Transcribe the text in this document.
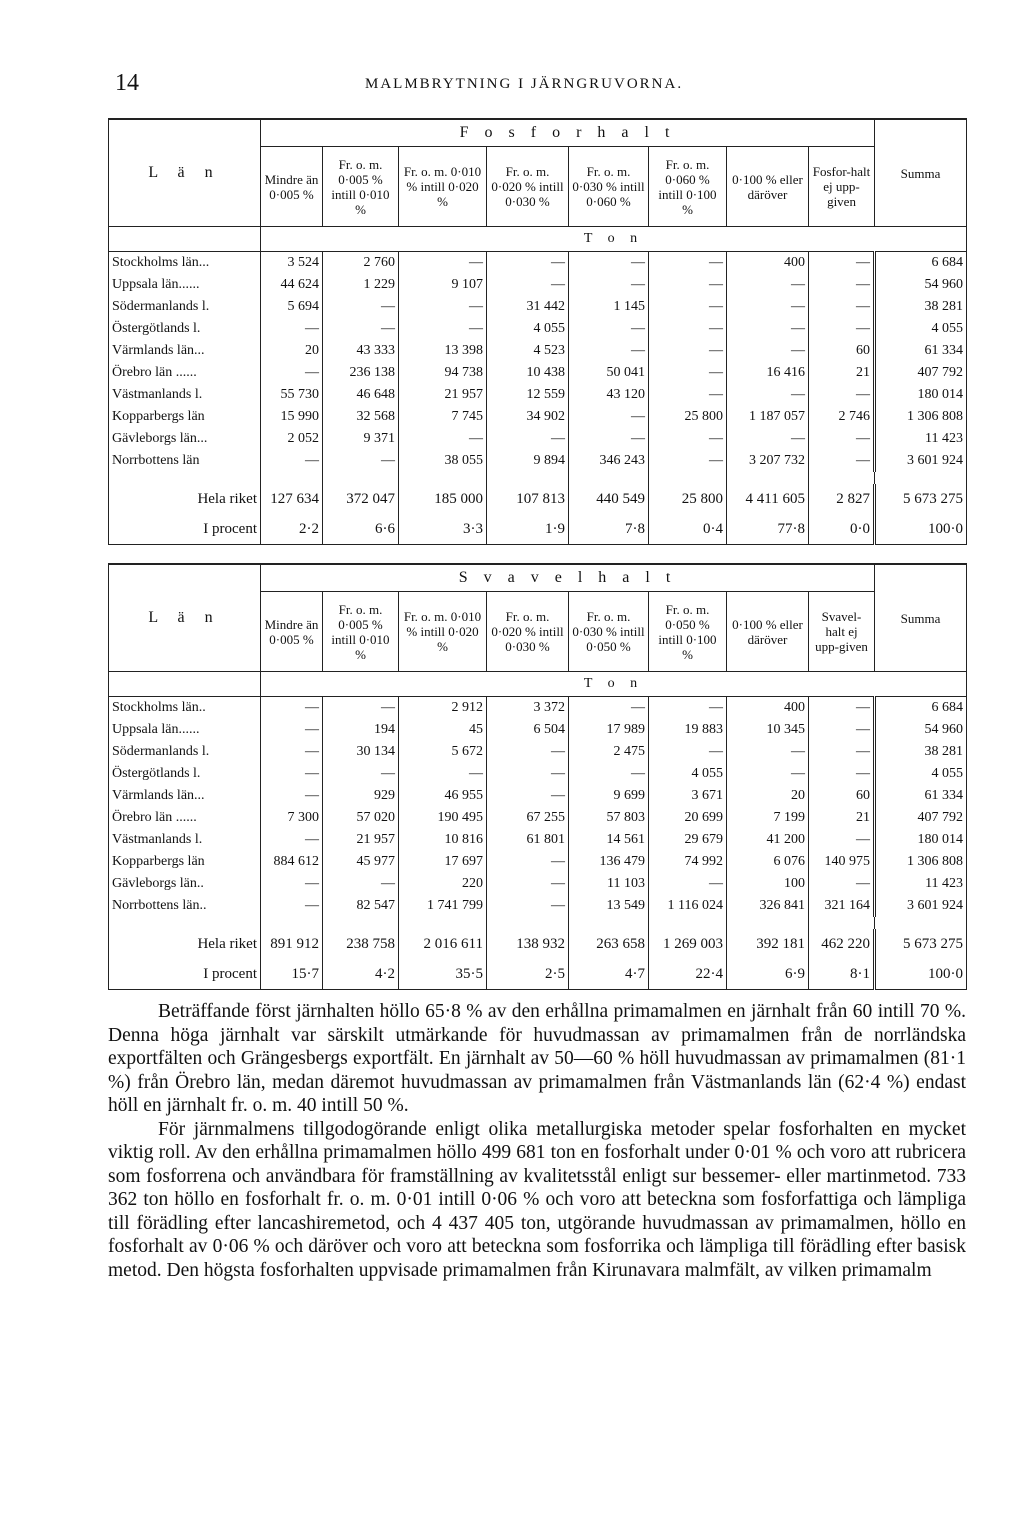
14	MALMBRYTNING I JÄRNGRUVORNA.
L ä n	F o s f o r h a l t								Summa
	Mindre än 0·005 %	Fr. o. m. 0·005 % intill 0·010 %	Fr. o. m. 0·010 % intill 0·020 %	Fr. o. m. 0·020 % intill 0·030 %	Fr. o. m. 0·030 % intill 0·060 %	Fr. o. m. 0·060 % intill 0·100 %	0·100 % eller däröver	Fosfor-halt ej upp-given	
	T o n								
Stockholms län...	3 524	2 760	—	—	—	—	400	—	6 684
Uppsala län......	44 624	1 229	9 107	—	—	—	—	—	54 960
Södermanlands l.	5 694	—	—	31 442	1 145	—	—	—	38 281
Östergötlands l.	—	—	—	4 055	—	—	—	—	4 055
Värmlands län...	20	43 333	13 398	4 523	—	—	—	60	61 334
Örebro län ......	—	236 138	94 738	10 438	50 041	—	16 416	21	407 792
Västmanlands l.	55 730	46 648	21 957	12 559	43 120	—	—	—	180 014
Kopparbergs län	15 990	32 568	7 745	34 902	—	25 800	1 187 057	2 746	1 306 808
Gävleborgs län...	2 052	9 371	—	—	—	—	—	—	11 423
Norrbottens län	—	—	38 055	9 894	346 243	—	3 207 732	—	3 601 924

Hela riket	127 634	372 047	185 000	107 813	440 549	25 800	4 411 605	2 827	5 673 275
I procent	2·2	6·6	3·3	1·9	7·8	0·4	77·8	0·0	100·0
L ä n	S v a v e l h a l t								Summa
	Mindre än 0·005 %	Fr. o. m. 0·005 % intill 0·010 %	Fr. o. m. 0·010 % intill 0·020 %	Fr. o. m. 0·020 % intill 0·030 %	Fr. o. m. 0·030 % intill 0·050 %	Fr. o. m. 0·050 % intill 0·100 %	0·100 % eller däröver	Svavel-halt ej upp-given	
	T o n								
Stockholms län..	—	—	2 912	3 372	—	—	400	—	6 684
Uppsala län......	—	194	45	6 504	17 989	19 883	10 345	—	54 960
Södermanlands l.	—	30 134	5 672	—	2 475	—	—	—	38 281
Östergötlands l.	—	—	—	—	—	4 055	—	—	4 055
Värmlands län...	—	929	46 955	—	9 699	3 671	20	60	61 334
Örebro län ......	7 300	57 020	190 495	67 255	57 803	20 699	7 199	21	407 792
Västmanlands l.	—	21 957	10 816	61 801	14 561	29 679	41 200	—	180 014
Kopparbergs län	884 612	45 977	17 697	—	136 479	74 992	6 076	140 975	1 306 808
Gävleborgs län..	—	—	220	—	11 103	—	100	—	11 423
Norrbottens län..	—	82 547	1 741 799	—	13 549	1 116 024	326 841	321 164	3 601 924

Hela riket	891 912	238 758	2 016 611	138 932	263 658	1 269 003	392 181	462 220	5 673 275
I procent	15·7	4·2	35·5	2·5	4·7	22·4	6·9	8·1	100·0

Beträffande först järnhalten höllo 65·8 % av den erhållna primamalmen en järnhalt från 60 intill 70 %. Denna höga järnhalt var särskilt utmärkande för huvudmassan av primamalmen från de norrländska exportfälten och Grängesbergs exportfält. En järnhalt av 50—60 % höll huvudmassan av primamalmen (81·1 %) från Örebro län, medan däremot huvudmassan av primamalmen från Västmanlands län (62·4 %) endast höll en järnhalt fr. o. m. 40 intill 50 %.

För järnmalmens tillgodogörande enligt olika metallurgiska metoder spelar fosforhalten en mycket viktig roll. Av den erhållna primamalmen höllo 499 681 ton en fosforhalt under 0·01 % och voro att rubricera som fosforrena och användbara för framställning av kvalitetsstål enligt sur bessemer- eller martinmetod. 733 362 ton höllo en fosforhalt fr. o. m. 0·01 intill 0·06 % och voro att beteckna som fosforfattiga och lämpliga till förädling efter lancashiremetod, och 4 437 405 ton, utgörande huvudmassan av primamalmen, höllo en fosforhalt av 0·06 % och däröver och voro att beteckna som fosforrika och lämpliga till förädling efter basisk metod. Den högsta fosforhalten uppvisade primamalmen från Kirunavara malmfält, av vilken primamalm
